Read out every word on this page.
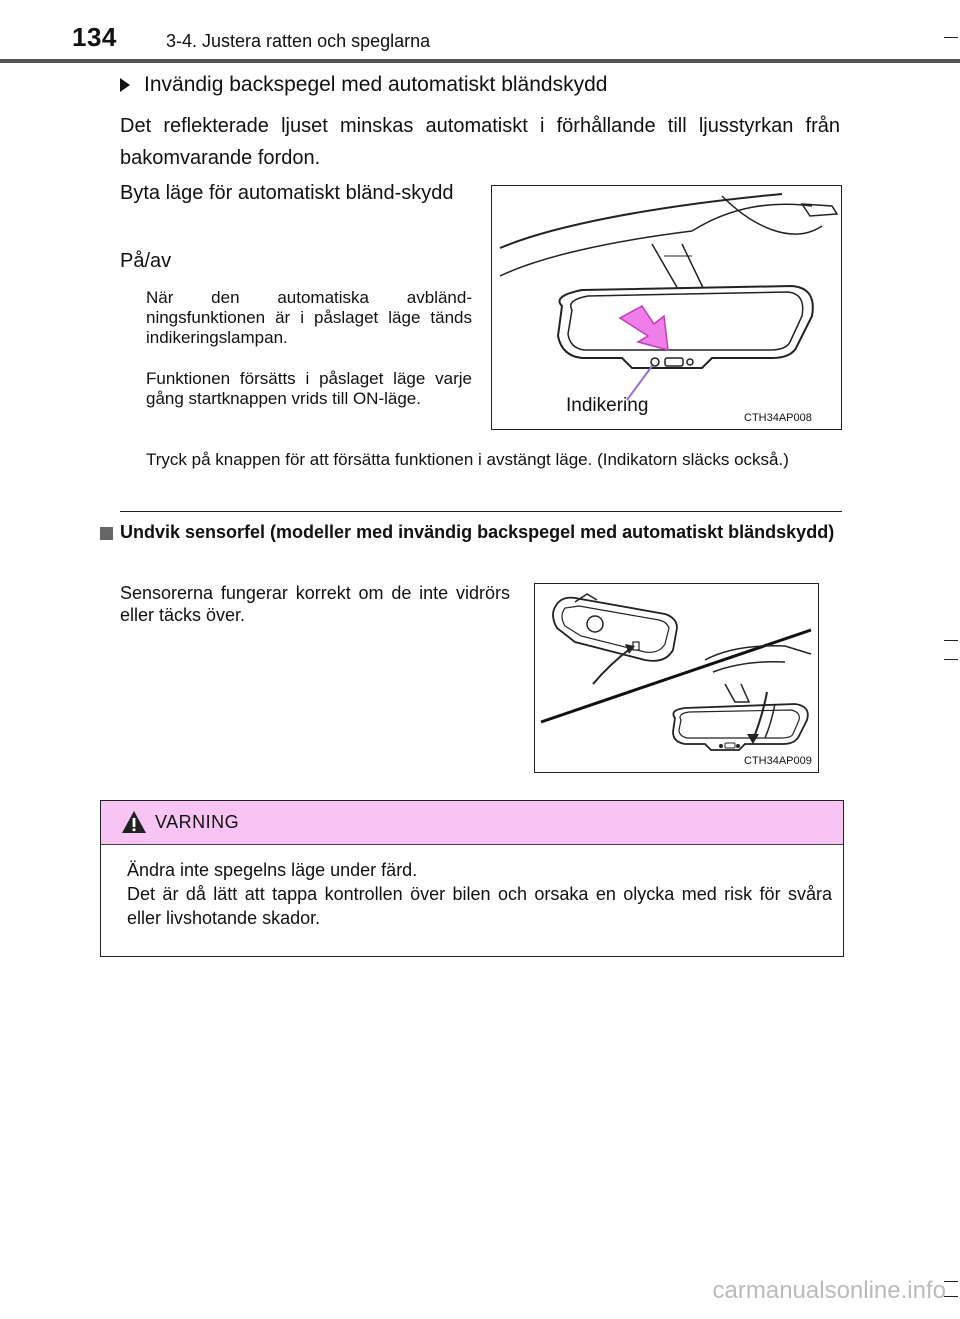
134	3-4. Justera ratten och speglarna
Invändig backspegel med automatiskt bländskydd
Det reflekterade ljuset minskas automatiskt i förhållande till ljusstyrkan från bakomvarande fordon.
Byta läge för automatiskt bländ-skydd
På/av
När den automatiska avbländ-ningsfunktionen är i påslaget läge tänds indikeringslampan.
Funktionen försätts i påslaget läge varje gång startknappen vrids till ON-läge.
Tryck på knappen för att försätta funktionen i avstängt läge. (Indikatorn släcks också.)
Indikering
CTH34AP008
Undvik sensorfel (modeller med invändig backspegel med automatiskt bländskydd)
Sensorerna fungerar korrekt om de inte vidrörs eller täcks över.
CTH34AP009
VARNING
Ändra inte spegelns läge under färd.
Det är då lätt att tappa kontrollen över bilen och orsaka en olycka med risk för svåra eller livshotande skador.
carmanualsonline.info
